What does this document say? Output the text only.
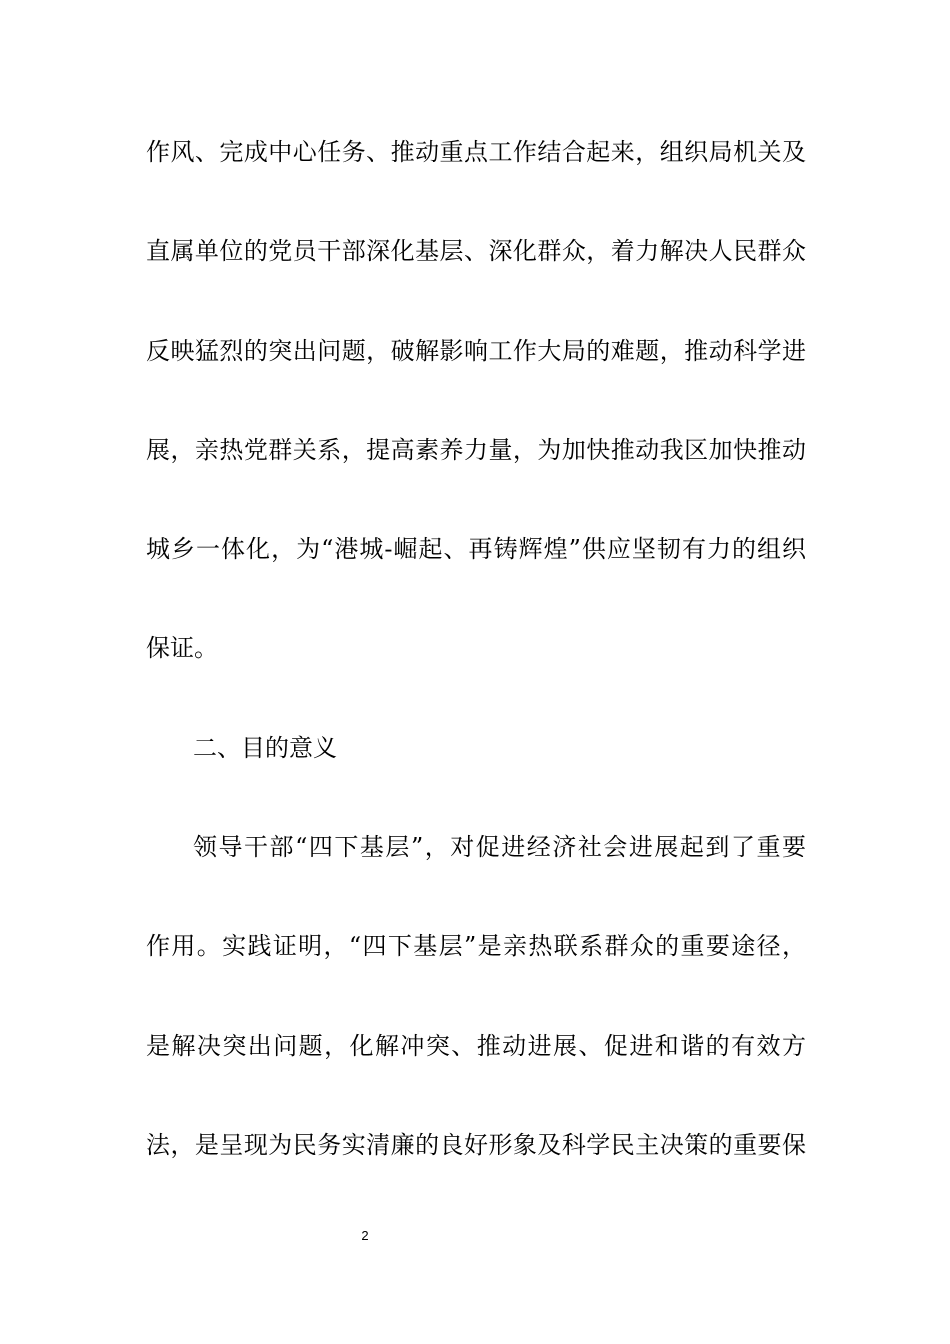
作风、完成中心任务、推动重点工作结合起来，组织局机关及
直属单位的党员干部深化基层、深化群众，着力解决人民群众
反映猛烈的突出问题，破解影响工作大局的难题，推动科学进
展，亲热党群关系，提高素养力量，为加快推动我区加快推动
城乡一体化，为“港城-崛起、再铸辉煌”供应坚韧有力的组织
保证。
二、目的意义
领导干部“四下基层”，对促进经济社会进展起到了重要
作用。实践证明，“四下基层”是亲热联系群众的重要途径，
是解决突出问题，化解冲突、推动进展、促进和谐的有效方
法，是呈现为民务实清廉的良好形象及科学民主决策的重要保
2
